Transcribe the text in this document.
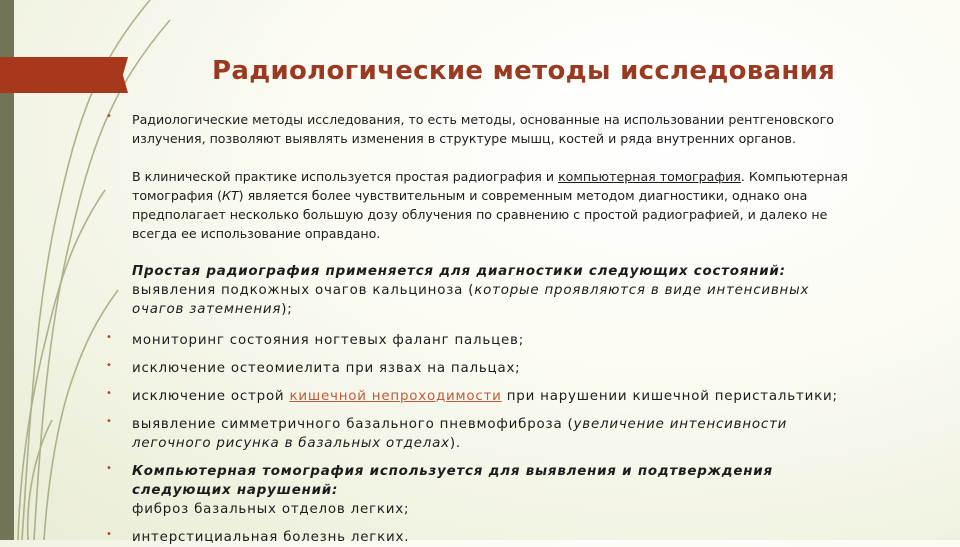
Радиологические методы исследования
• Радиологические методы исследования, то есть методы, основанные на использовании рентгеновского
излучения, позволяют выявлять изменения в структуре мышц, костей и ряда внутренних органов.

В клинической практике используется простая радиография и компьютерная томография. Компьютерная
томография (КТ) является более чувствительным и современным методом диагностики, однако она
предполагает несколько большую дозу облучения по сравнению с простой радиографией, и далеко не
всегда ее использование оправдано.

Простая радиография применяется для диагностики следующих состояний:
выявления подкожных очагов кальциноза (которые проявляются в виде интенсивных
очагов затемнения);

• мониторинг состояния ногтевых фаланг пальцев;

• исключение остеомиелита при язвах на пальцах;

• исключение острой кишечной непроходимости при нарушении кишечной перистальтики;

• выявление симметричного базального пневмофиброза (увеличение интенсивности
легочного рисунка в базальных отделах).

• Компьютерная томография используется для выявления и подтверждения
следующих нарушений:
фиброз базальных отделов легких;

• интерстициальная болезнь легких.
